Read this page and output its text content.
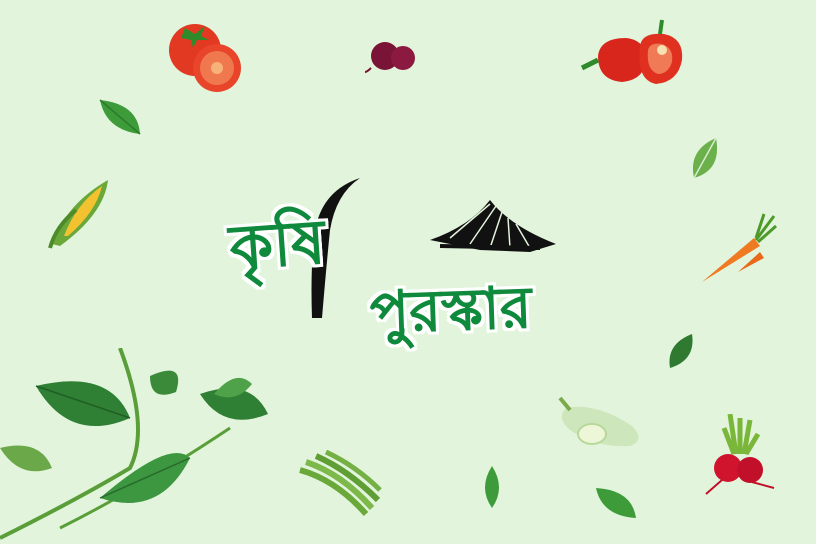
কৃষি
পুরস্কার
